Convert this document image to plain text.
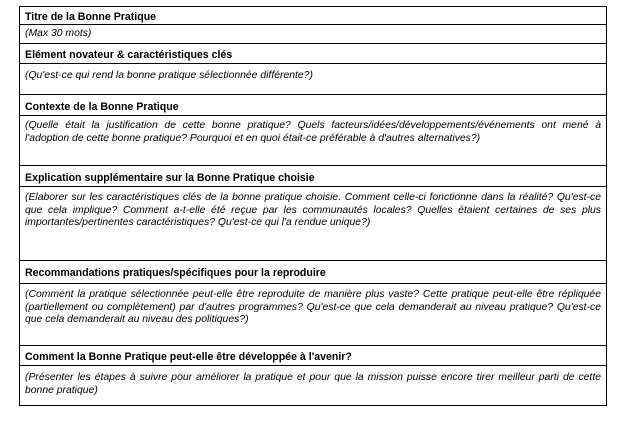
Titre de la Bonne Pratique
(Max 30 mots)
Elément novateur & caractéristiques clés
(Qu'est-ce qui rend la bonne pratique sélectionnée différente?)
Contexte de la Bonne Pratique
(Quelle était la justification de cette bonne pratique? Quels facteurs/idées/développements/événements ont mené à l'adoption de cette bonne pratique? Pourquoi et en quoi était-ce préférable à d'autres alternatives?)
Explication supplémentaire sur la Bonne Pratique choisie
(Elaborer sur les caractéristiques clés de la bonne pratique choisie. Comment celle-ci fonctionne dans la réalité? Qu'est-ce que cela implique? Comment a-t-elle été reçue par les communautés locales? Quelles étaient certaines de ses plus importantes/pertinentes caractéristiques? Qu'est-ce qui l'a rendue unique?)
Recommandations pratiques/spécifiques pour la reproduire
(Comment la pratique sélectionnée peut-elle être reproduite de manière plus vaste? Cette pratique peut-elle être répliquée (partiellement ou complètement) par d'autres programmes? Qu'est-ce que cela demanderait au niveau pratique? Qu'est-ce que cela demanderait au niveau des politiques?)
Comment la Bonne Pratique peut-elle être développée à l'avenir?
(Présenter les étapes à suivre pour améliorer la pratique et pour que la mission puisse encore tirer meilleur parti de cette bonne pratique)
